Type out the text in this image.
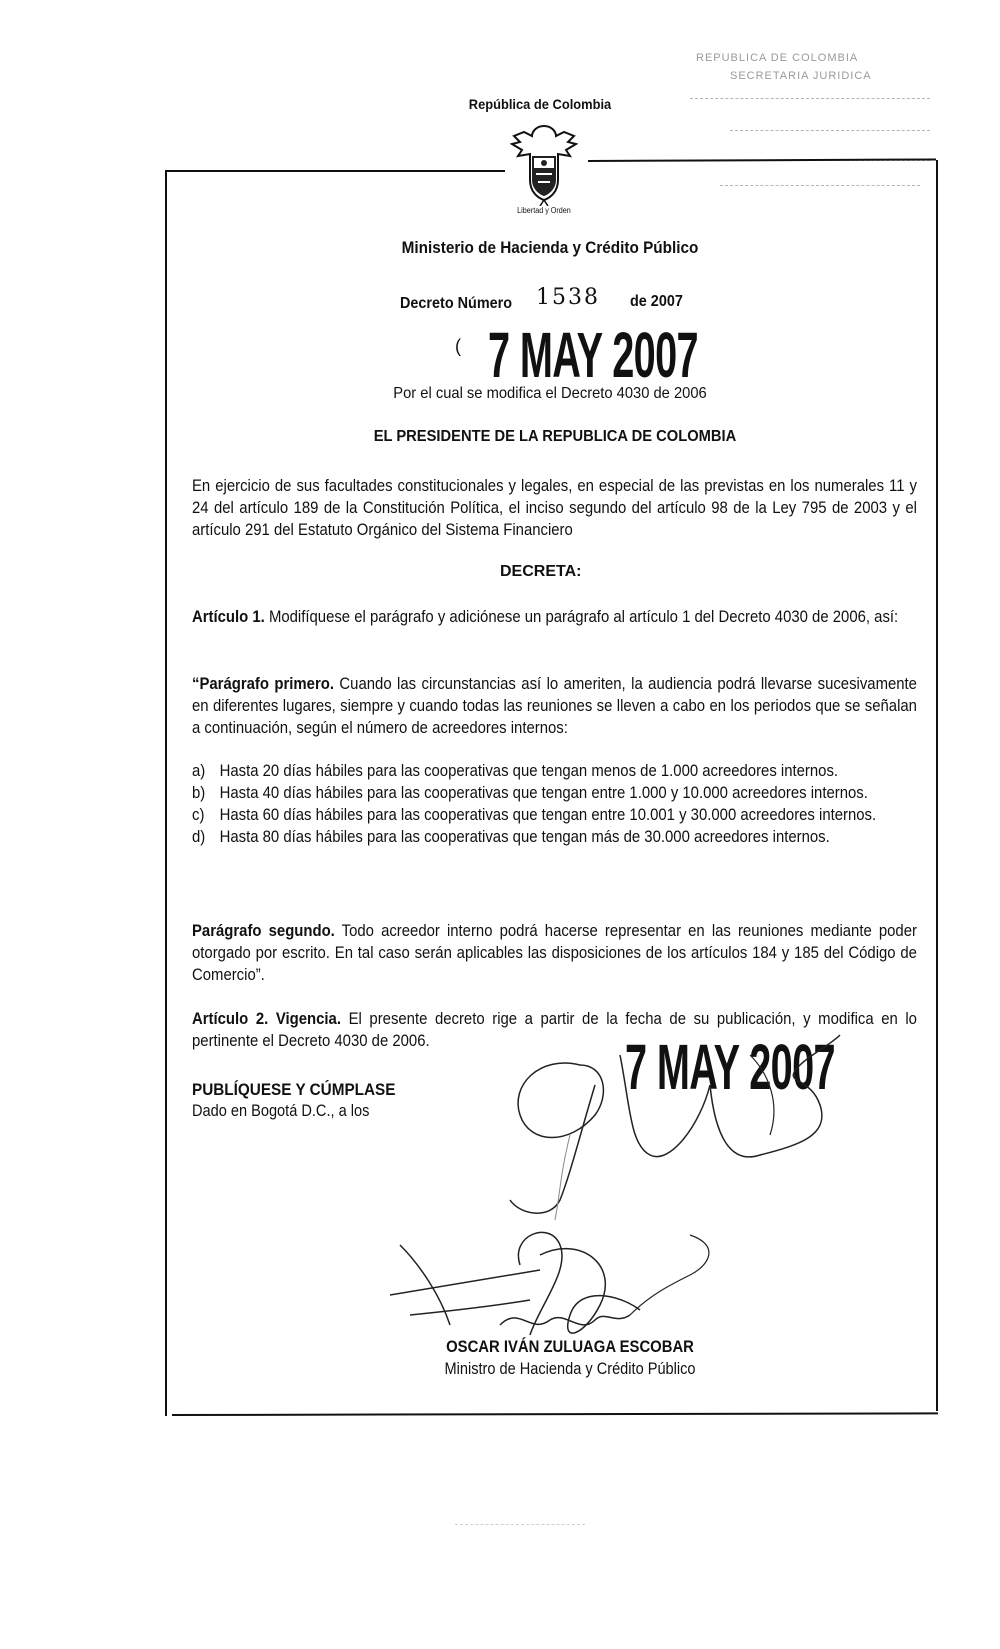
REPUBLICA DE COLOMBIA
SECRETARIA JURIDICA
República de Colombia
Libertad y Orden
Ministerio de Hacienda y Crédito Público
Decreto Número 1538 de 2007
( 7 MAY 2007
Por el cual se modifica el Decreto 4030 de 2006
EL PRESIDENTE DE LA REPUBLICA DE COLOMBIA
En ejercicio de sus facultades constitucionales y legales, en especial de las previstas en los numerales 11 y 24 del artículo 189 de la Constitución Política, el inciso segundo del artículo 98 de la Ley 795 de 2003 y el artículo 291 del Estatuto Orgánico del Sistema Financiero
DECRETA:
Artículo 1. Modifíquese el parágrafo y adiciónese un parágrafo al artículo 1 del Decreto 4030 de 2006, así:
“Parágrafo primero. Cuando las circunstancias así lo ameriten, la audiencia podrá llevarse sucesivamente en diferentes lugares, siempre y cuando todas las reuniones se lleven a cabo en los periodos que se señalan a continuación, según el número de acreedores internos:
a) Hasta 20 días hábiles para las cooperativas que tengan menos de 1.000 acreedores internos.
b) Hasta 40 días hábiles para las cooperativas que tengan entre 1.000 y 10.000 acreedores internos.
c) Hasta 60 días hábiles para las cooperativas que tengan entre 10.001 y 30.000 acreedores internos.
d) Hasta 80 días hábiles para las cooperativas que tengan más de 30.000 acreedores internos.
Parágrafo segundo. Todo acreedor interno podrá hacerse representar en las reuniones mediante poder otorgado por escrito. En tal caso serán aplicables las disposiciones de los artículos 184 y 185 del Código de Comercio”.
Artículo 2. Vigencia. El presente decreto rige a partir de la fecha de su publicación, y modifica en lo pertinente el Decreto 4030 de 2006.	7 MAY 2007
PUBLÍQUESE Y CÚMPLASE
Dado en Bogotá D.C., a los
OSCAR IVÁN ZULUAGA ESCOBAR
Ministro de Hacienda y Crédito Público
